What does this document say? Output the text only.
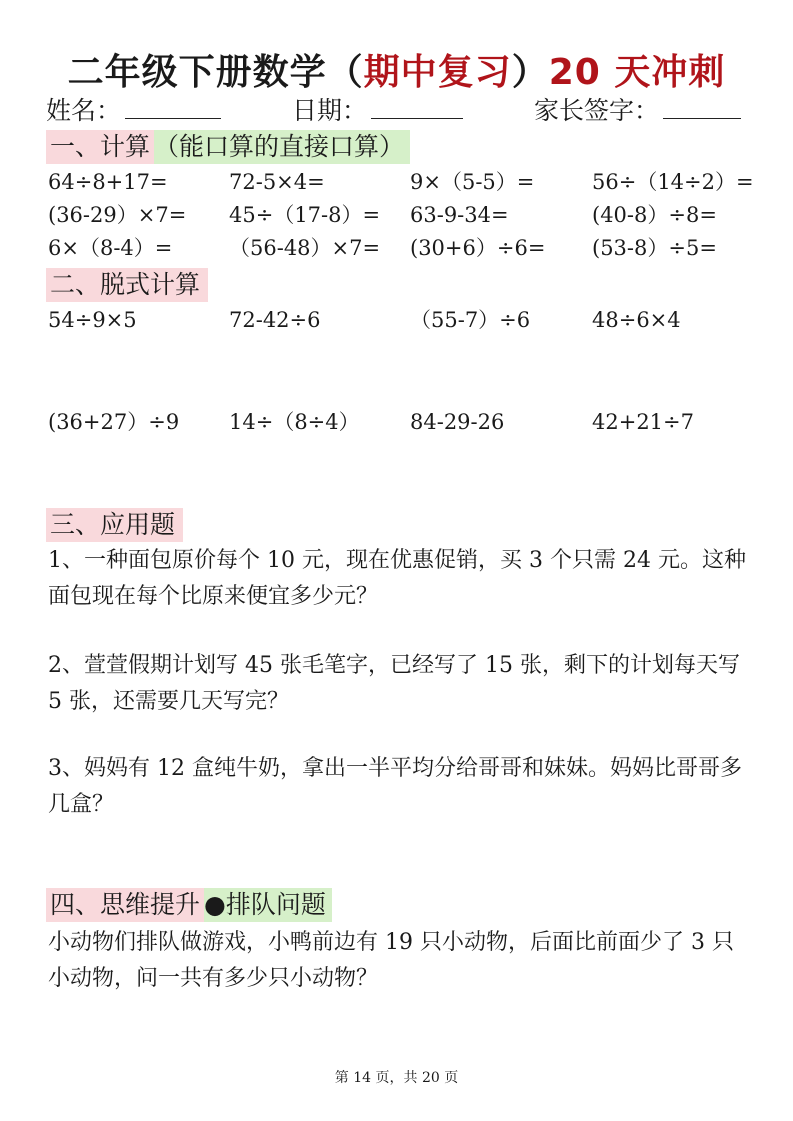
二年级下册数学（期中复习）20 天冲刺
姓名：	日期：	家长签字：
一、计算 （能口算的直接口算）
64÷8+17=	72-5×4=	9×（5-5）=	56÷（14÷2）=
(36-29）×7= 45÷（17-8）= 63-9-34=	(40-8）÷8=
6×（8-4）=	（56-48）×7= (30+6）÷6= (53-8）÷5=
二、脱式计算
54÷9×5	72-42÷6	（55-7）÷6	48÷6×4
(36+27）÷9 14÷（8÷4） 84-29-26	42+21÷7
三、应用题
1、一种面包原价每个 10 元，现在优惠促销，买 3 个只需 24 元。这种面包现在每个比原来便宜多少元？
2、萱萱假期计划写 45 张毛笔字，已经写了 15 张，剩下的计划每天写 5 张，还需要几天写完？
3、妈妈有 12 盒纯牛奶，拿出一半平均分给哥哥和妹妹。妈妈比哥哥多几盒？
四、思维提升 ●排队问题
小动物们排队做游戏，小鸭前边有 19 只小动物，后面比前面少了 3 只小动物，问一共有多少只小动物？
第 14 页，共 20 页
